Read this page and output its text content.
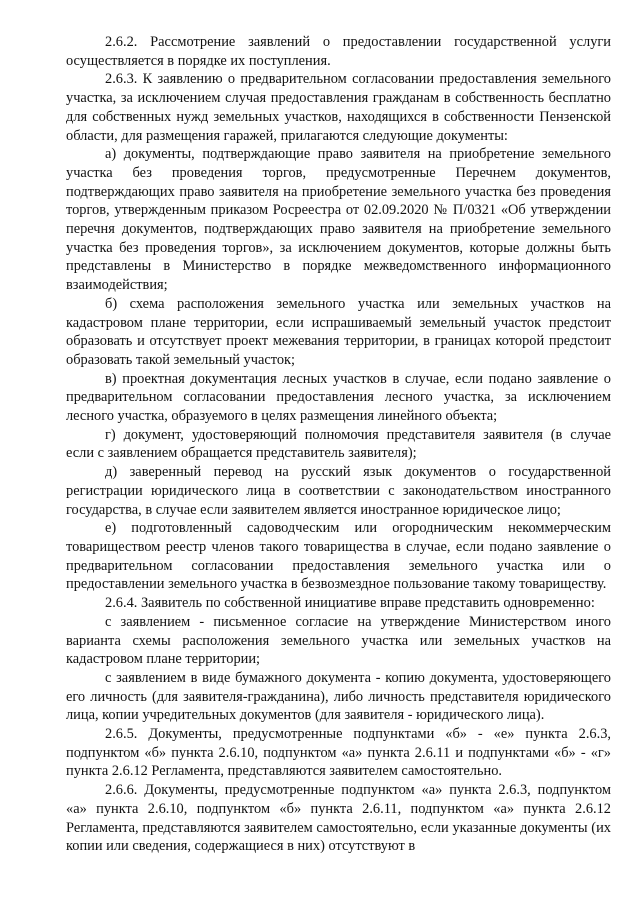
2.6.2. Рассмотрение заявлений о предоставлении государственной услуги осуществляется в порядке их поступления.

2.6.3. К заявлению о предварительном согласовании предоставления земельного участка, за исключением случая предоставления гражданам в собственность бесплатно для собственных нужд земельных участков, находящихся в собственности Пензенской области, для размещения гаражей, прилагаются следующие документы:

а) документы, подтверждающие право заявителя на приобретение земельного участка без проведения торгов, предусмотренные Перечнем документов, подтверждающих право заявителя на приобретение земельного участка без проведения торгов, утвержденным приказом Росреестра от 02.09.2020 № П/0321 «Об утверждении перечня документов, подтверждающих право заявителя на приобретение земельного участка без проведения торгов», за исключением документов, которые должны быть представлены в Министерство в порядке межведомственного информационного взаимодействия;

б) схема расположения земельного участка или земельных участков на кадастровом плане территории, если испрашиваемый земельный участок предстоит образовать и отсутствует проект межевания территории, в границах которой предстоит образовать такой земельный участок;

в) проектная документация лесных участков в случае, если подано заявление о предварительном согласовании предоставления лесного участка, за исключением лесного участка, образуемого в целях размещения линейного объекта;

г) документ, удостоверяющий полномочия представителя заявителя (в случае если с заявлением обращается представитель заявителя);

д) заверенный перевод на русский язык документов о государственной регистрации юридического лица в соответствии с законодательством иностранного государства, в случае если заявителем является иностранное юридическое лицо;

е) подготовленный садоводческим или огородническим некоммерческим товариществом реестр членов такого товарищества в случае, если подано заявление о предварительном согласовании предоставления земельного участка или о предоставлении земельного участка в безвозмездное пользование такому товариществу.

2.6.4. Заявитель по собственной инициативе вправе представить одновременно:

с заявлением - письменное согласие на утверждение Министерством иного варианта схемы расположения земельного участка или земельных участков на кадастровом плане территории;

с заявлением в виде бумажного документа - копию документа, удостоверяющего его личность (для заявителя-гражданина), либо личность представителя юридического лица, копии учредительных документов (для заявителя - юридического лица).

2.6.5. Документы, предусмотренные подпунктами «б» - «е» пункта 2.6.3, подпунктом «б» пункта 2.6.10, подпунктом «а» пункта 2.6.11 и подпунктами «б» - «г» пункта 2.6.12 Регламента, представляются заявителем самостоятельно.

2.6.6. Документы, предусмотренные подпунктом «а» пункта 2.6.3, подпунктом «а» пункта 2.6.10, подпунктом «б» пункта 2.6.11, подпунктом «а» пункта 2.6.12 Регламента, представляются заявителем самостоятельно, если указанные документы (их копии или сведения, содержащиеся в них) отсутствуют в
